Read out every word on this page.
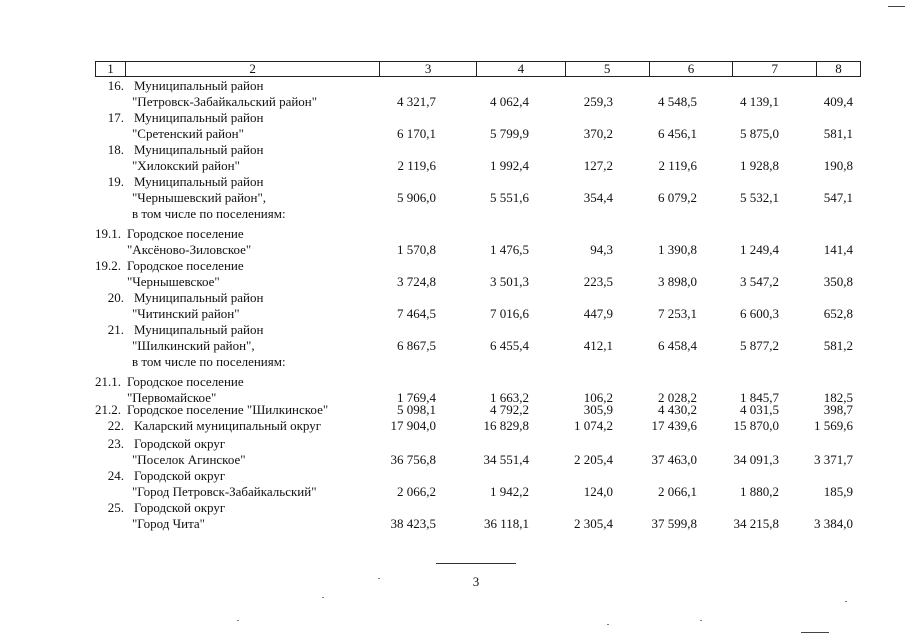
1	2	3	4	5	6	7	8
16. Муниципальный район
"Петровск-Забайкальский район"	4 321,7	4 062,4	259,3	4 548,5	4 139,1	409,4
17. Муниципальный район
"Сретенский район"	6 170,1	5 799,9	370,2	6 456,1	5 875,0	581,1
18. Муниципальный район
"Хилокский район"	2 119,6	1 992,4	127,2	2 119,6	1 928,8	190,8
19. Муниципальный район
"Чернышевский район",
в том числе по поселениям:
5 906,0	5 551,6	354,4	6 079,2	5 532,1	547,1
19.1. Городское поселение
"Аксёново-Зиловское"	1 570,8	1 476,5	94,3	1 390,8	1 249,4	141,4
19.2. Городское поселение
"Чернышевское"	3 724,8	3 501,3	223,5	3 898,0	3 547,2	350,8
20. Муниципальный район
"Читинский район"	7 464,5	7 016,6	447,9	7 253,1	6 600,3	652,8
21. Муниципальный район
"Шилкинский район",
в том числе по поселениям:
6 867,5	6 455,4	412,1	6 458,4	5 877,2	581,2
21.1. Городское поселение
"Первомайское"	1 769,4	1 663,2	106,2	2 028,2	1 845,7	182,5
21.2. Городское поселение "Шилкинское"	5 098,1	4 792,2	305,9	4 430,2	4 031,5	398,7
22. Каларский муниципальный округ	17 904,0	16 829,8	1 074,2	17 439,6	15 870,0	1 569,6
23. Городской округ
"Поселок Агинское"	36 756,8	34 551,4	2 205,4	37 463,0	34 091,3	3 371,7
24. Городской округ
"Город Петровск-Забайкальский"	2 066,2	1 942,2	124,0	2 066,1	1 880,2	185,9
25. Городской округ
"Город Чита"	38 423,5	36 118,1	2 305,4	37 599,8	34 215,8	3 384,0
3
